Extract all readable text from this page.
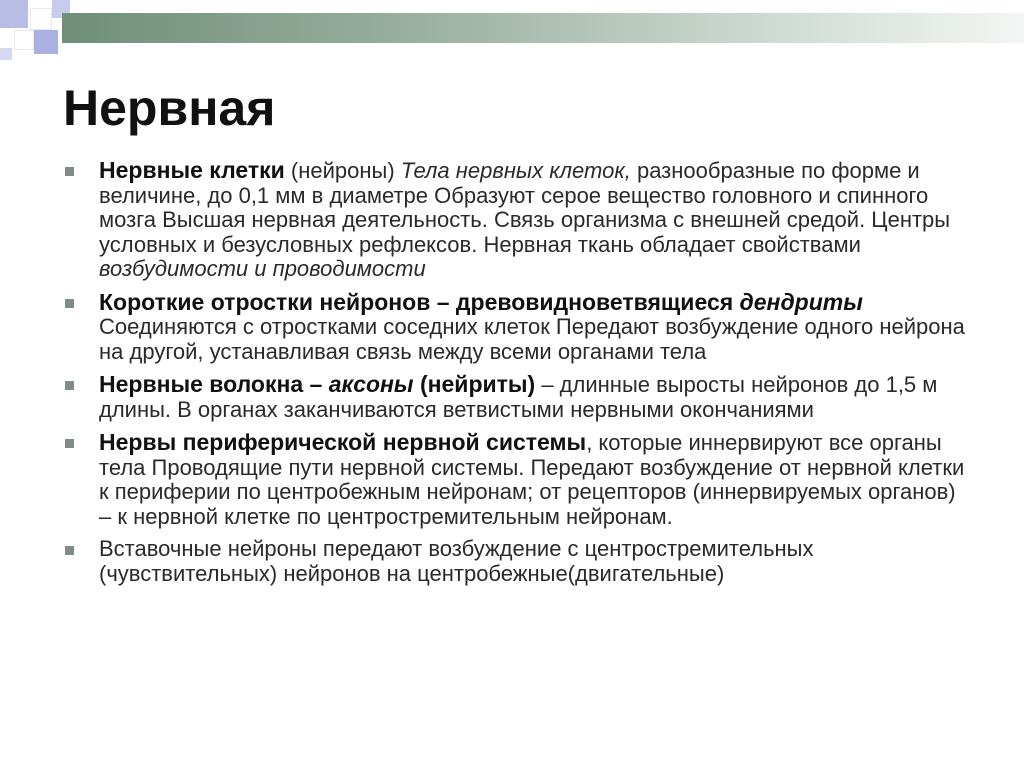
Нервная
Нервные клетки (нейроны) Тела нервных клеток, разнообразные по форме и величине, до 0,1 мм в диаметре Образуют серое вещество головного и спинного мозга Высшая нервная деятельность. Связь организма с внешней средой. Центры условных и безусловных рефлексов. Нервная ткань обладает свойствами возбудимости и проводимости
Короткие отростки нейронов – древовидноветвящиеся дендриты Соединяются с отростками соседних клеток Передают возбуждение одного нейрона на другой, устанавливая связь между всеми органами тела
Нервные волокна – аксоны (нейриты) – длинные выросты нейронов до 1,5 м длины. В органах заканчиваются ветвистыми нервными окончаниями
Нервы периферической нервной системы, которые иннервируют все органы тела Проводящие пути нервной системы. Передают возбуждение от нервной клетки к периферии по центробежным нейронам; от рецепторов (иннервируемых органов) – к нервной клетке по центростремительным нейронам.
Вставочные нейроны передают возбуждение с центростремительных (чувствительных) нейронов на центробежные(двигательные)
